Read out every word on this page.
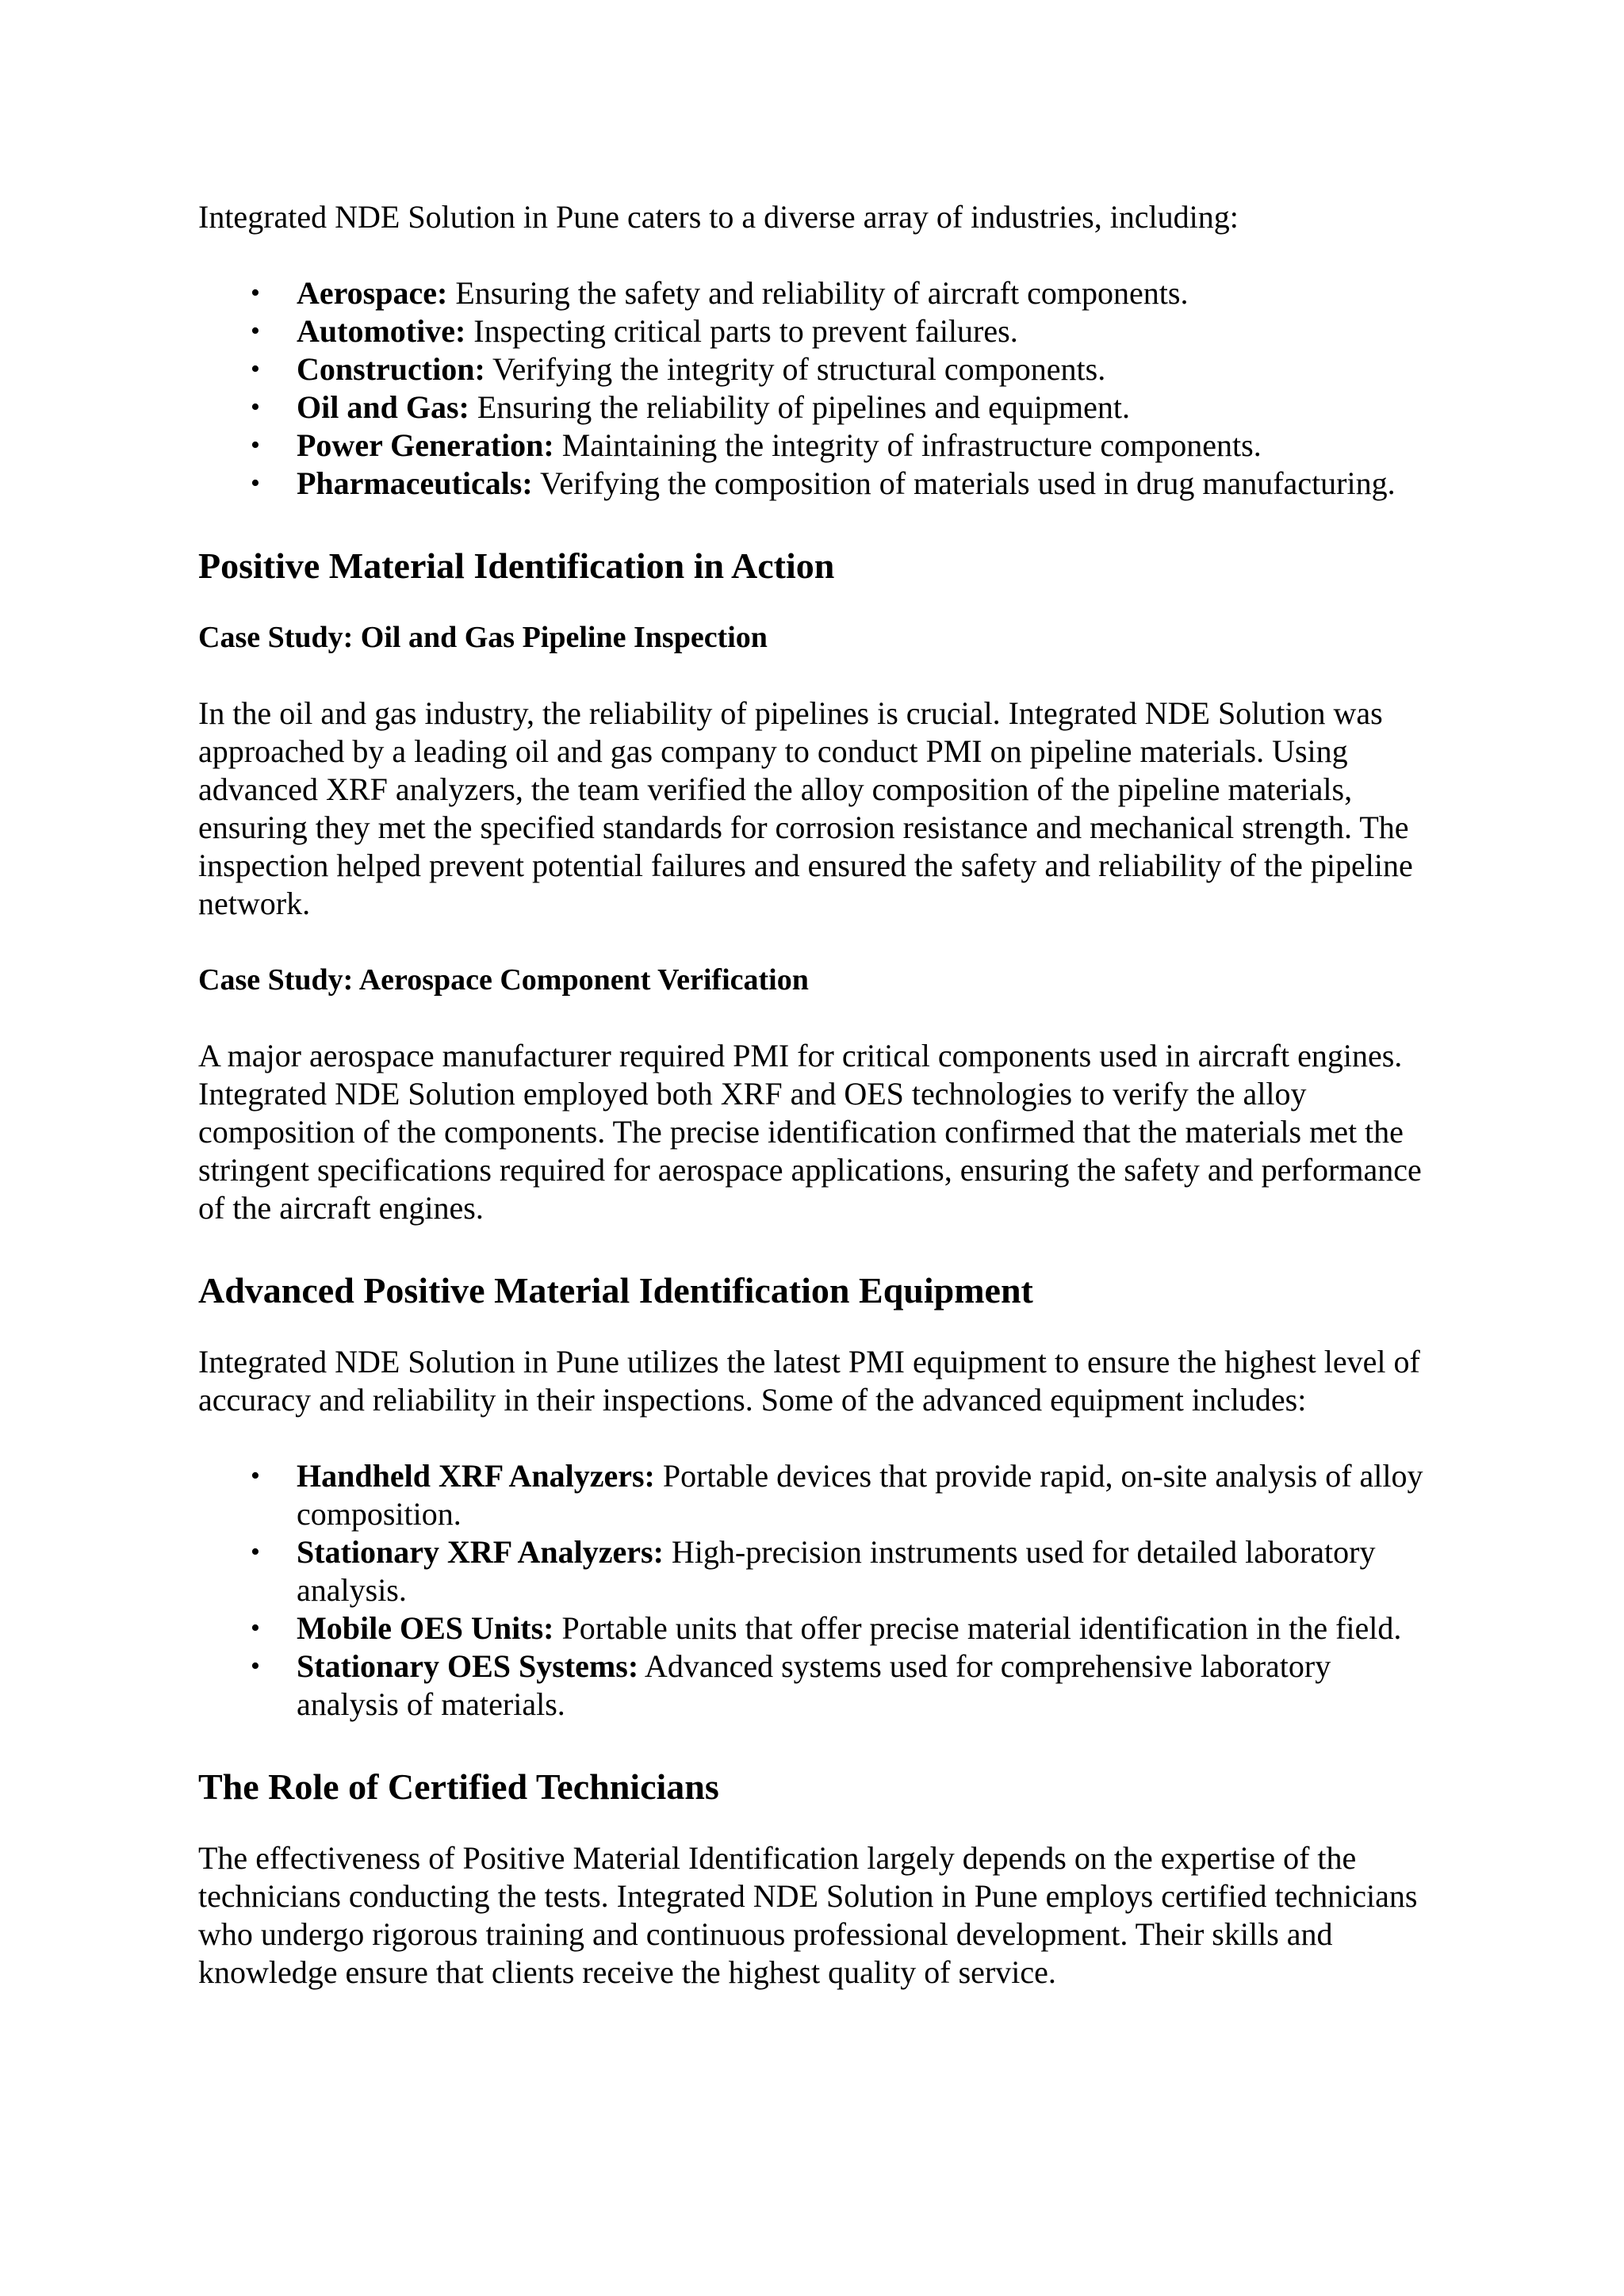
Integrated NDE Solution in Pune caters to a diverse array of industries, including:

• Aerospace: Ensuring the safety and reliability of aircraft components.
• Automotive: Inspecting critical parts to prevent failures.
• Construction: Verifying the integrity of structural components.
• Oil and Gas: Ensuring the reliability of pipelines and equipment.
• Power Generation: Maintaining the integrity of infrastructure components.
• Pharmaceuticals: Verifying the composition of materials used in drug manufacturing.
Positive Material Identification in Action
Case Study: Oil and Gas Pipeline Inspection

In the oil and gas industry, the reliability of pipelines is crucial. Integrated NDE Solution was approached by a leading oil and gas company to conduct PMI on pipeline materials. Using advanced XRF analyzers, the team verified the alloy composition of the pipeline materials, ensuring they met the specified standards for corrosion resistance and mechanical strength. The inspection helped prevent potential failures and ensured the safety and reliability of the pipeline network.

Case Study: Aerospace Component Verification

A major aerospace manufacturer required PMI for critical components used in aircraft engines. Integrated NDE Solution employed both XRF and OES technologies to verify the alloy composition of the components. The precise identification confirmed that the materials met the stringent specifications required for aerospace applications, ensuring the safety and performance of the aircraft engines.

Advanced Positive Material Identification Equipment

Integrated NDE Solution in Pune utilizes the latest PMI equipment to ensure the highest level of accuracy and reliability in their inspections. Some of the advanced equipment includes:

• Handheld XRF Analyzers: Portable devices that provide rapid, on-site analysis of alloy composition.
• Stationary XRF Analyzers: High-precision instruments used for detailed laboratory analysis.
• Mobile OES Units: Portable units that offer precise material identification in the field.
• Stationary OES Systems: Advanced systems used for comprehensive laboratory analysis of materials.
The Role of Certified Technicians

The effectiveness of Positive Material Identification largely depends on the expertise of the technicians conducting the tests. Integrated NDE Solution in Pune employs certified technicians who undergo rigorous training and continuous professional development. Their skills and knowledge ensure that clients receive the highest quality of service.
